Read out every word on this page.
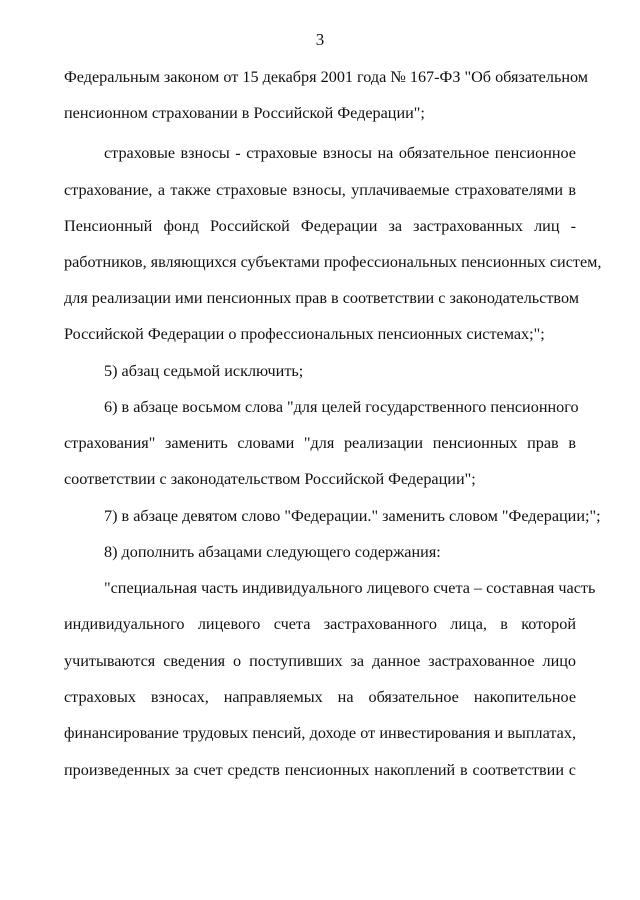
3
Федеральным законом от 15 декабря 2001 года № 167-ФЗ "Об обязательном
пенсионном страховании в Российской Федерации";
страховые взносы - страховые взносы на обязательное пенсионное
страхование, а также страховые взносы, уплачиваемые страхователями в
Пенсионный фонд Российской Федерации за застрахованных лиц -
работников, являющихся субъектами профессиональных пенсионных систем,
для реализации ими пенсионных прав в соответствии с законодательством
Российской Федерации о профессиональных пенсионных системах;";
5) абзац седьмой исключить;
6) в абзаце восьмом слова "для целей государственного пенсионного
страхования" заменить словами "для реализации пенсионных прав в
соответствии с законодательством Российской Федерации";
7) в абзаце девятом слово "Федерации." заменить словом "Федерации;";
8) дополнить абзацами следующего содержания:
"специальная часть индивидуального лицевого счета – составная часть
индивидуального лицевого счета застрахованного лица, в которой
учитываются сведения о поступивших за данное застрахованное лицо
страховых взносах, направляемых на обязательное накопительное
финансирование трудовых пенсий, доходе от инвестирования и выплатах,
произведенных за счет средств пенсионных накоплений в соответствии с
